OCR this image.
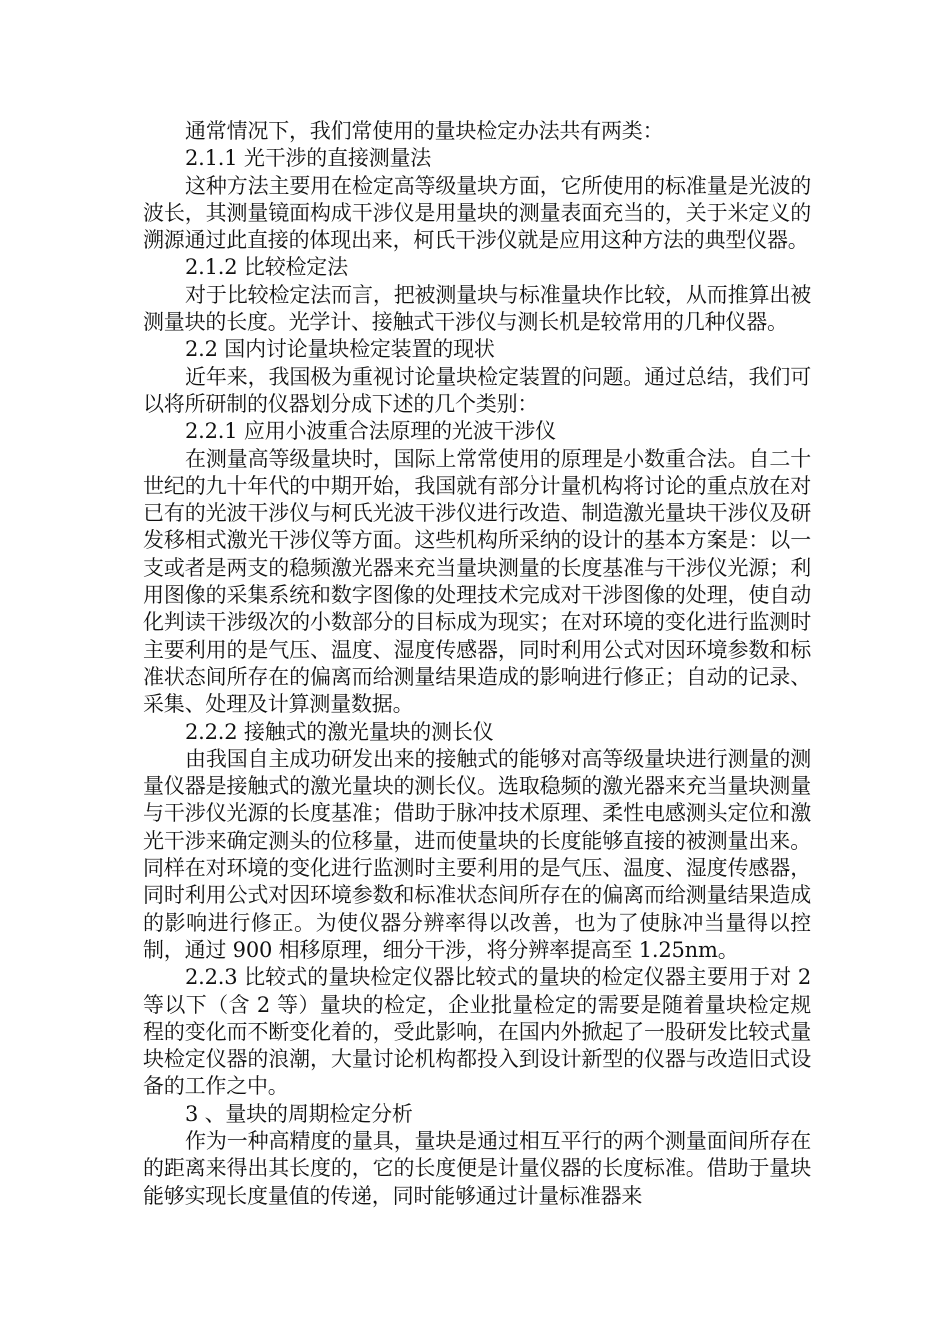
通常情况下，我们常使用的量块检定办法共有两类：

2.1.1 光干涉的直接测量法

这种方法主要用在检定高等级量块方面，它所使用的标准量是光波的波长，其测量镜面构成干涉仪是用量块的测量表面充当的，关于米定义的溯源通过此直接的体现出来，柯氏干涉仪就是应用这种方法的典型仪器。

2.1.2 比较检定法

对于比较检定法而言，把被测量块与标准量块作比较，从而推算出被测量块的长度。光学计、接触式干涉仪与测长机是较常用的几种仪器。

2.2 国内讨论量块检定装置的现状

近年来，我国极为重视讨论量块检定装置的问题。通过总结，我们可以将所研制的仪器划分成下述的几个类别：

2.2.1 应用小波重合法原理的光波干涉仪

在测量高等级量块时，国际上常常使用的原理是小数重合法。自二十世纪的九十年代的中期开始，我国就有部分计量机构将讨论的重点放在对已有的光波干涉仪与柯氏光波干涉仪进行改造、制造激光量块干涉仪及研发移相式激光干涉仪等方面。这些机构所采纳的设计的基本方案是：以一支或者是两支的稳频激光器来充当量块测量的长度基准与干涉仪光源；利用图像的采集系统和数字图像的处理技术完成对干涉图像的处理，使自动化判读干涉级次的小数部分的目标成为现实；在对环境的变化进行监测时主要利用的是气压、温度、湿度传感器，同时利用公式对因环境参数和标准状态间所存在的偏离而给测量结果造成的影响进行修正；自动的记录、采集、处理及计算测量数据。

2.2.2 接触式的激光量块的测长仪

由我国自主成功研发出来的接触式的能够对高等级量块进行测量的测量仪器是接触式的激光量块的测长仪。选取稳频的激光器来充当量块测量与干涉仪光源的长度基准；借助于脉冲技术原理、柔性电感测头定位和激光干涉来确定测头的位移量，进而使量块的长度能够直接的被测量出来。同样在对环境的变化进行监测时主要利用的是气压、温度、湿度传感器，同时利用公式对因环境参数和标准状态间所存在的偏离而给测量结果造成的影响进行修正。为使仪器分辨率得以改善，也为了使脉冲当量得以控制，通过 900 相移原理，细分干涉，将分辨率提高至 1.25nm。

2.2.3 比较式的量块检定仪器比较式的量块的检定仪器主要用于对 2 等以下（含 2 等）量块的检定，企业批量检定的需要是随着量块检定规程的变化而不断变化着的，受此影响，在国内外掀起了一股研发比较式量块检定仪器的浪潮，大量讨论机构都投入到设计新型的仪器与改造旧式设备的工作之中。

3 、量块的周期检定分析

作为一种高精度的量具，量块是通过相互平行的两个测量面间所存在的距离来得出其长度的，它的长度便是计量仪器的长度标准。借助于量块能够实现长度量值的传递，同时能够通过计量标准器来
